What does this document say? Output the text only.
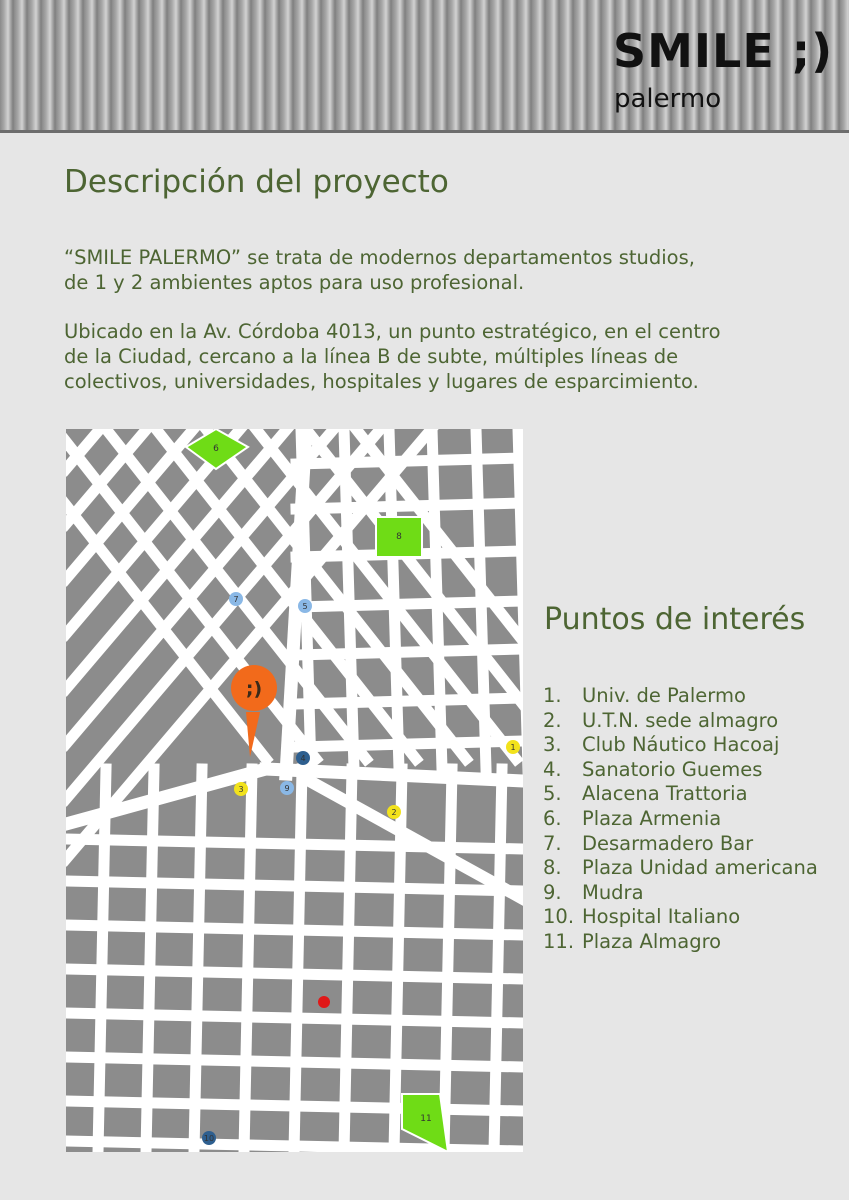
SMILE ;)
palermo
Descripción del proyecto

“SMILE PALERMO” se trata de modernos departamentos studios,
de 1 y 2 ambientes aptos para uso profesional.

Ubicado en la Av. Córdoba 4013, un punto estratégico, en el centro
de la Ciudad, cercano a la línea B de subte, múltiples líneas de
colectivos, universidades, hospitales y lugares de esparcimiento.

6
8
11
1
2
3
4
5
7
9
10
;)
Puntos de interés
1. Univ. de Palermo
2. U.T.N. sede almagro
3. Club Náutico Hacoaj
4. Sanatorio Guemes
5. Alacena Trattoria
6. Plaza Armenia
7. Desarmadero Bar
8. Plaza Unidad americana
9. Mudra
10. Hospital Italiano
11. Plaza Almagro
